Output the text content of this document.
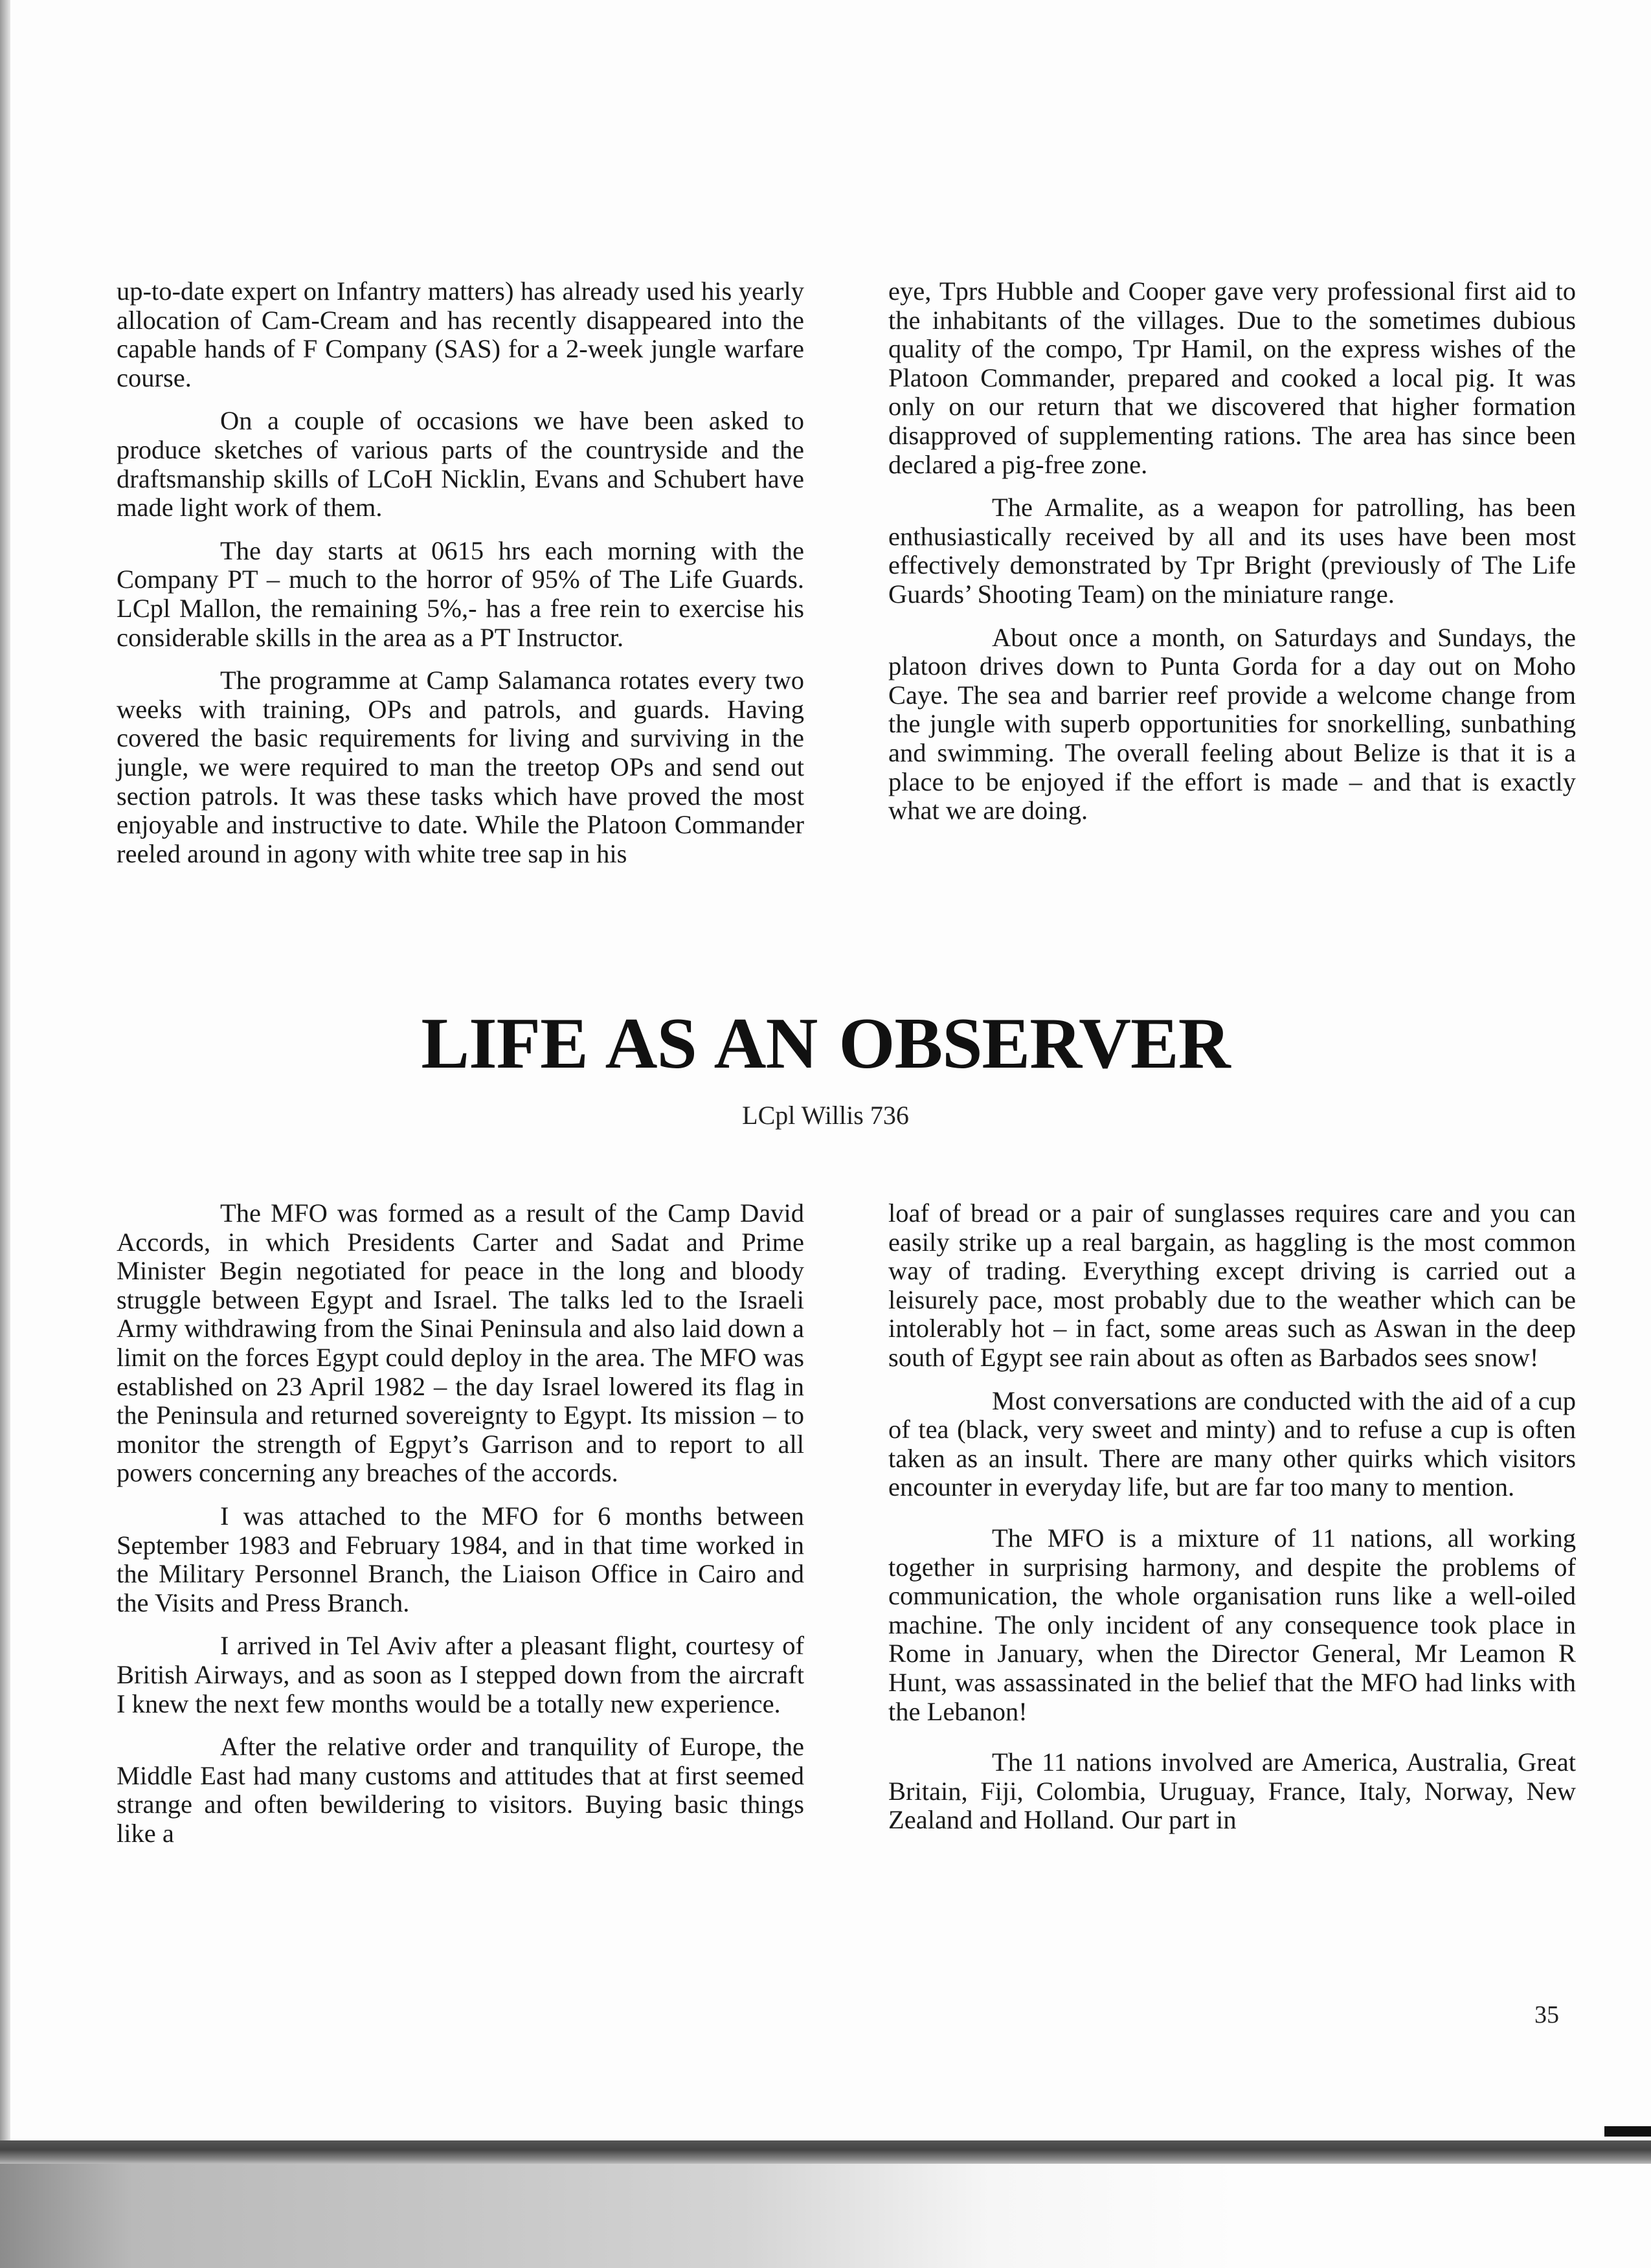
up-to-date expert on Infantry matters) has already used his yearly allocation of Cam-Cream and has recently disappeared into the capable hands of F Company (SAS) for a 2-week jungle warfare course.

On a couple of occasions we have been asked to produce sketches of various parts of the countryside and the draftsmanship skills of LCoH Nicklin, Evans and Schubert have made light work of them.

The day starts at 0615 hrs each morning with the Company PT – much to the horror of 95% of The Life Guards. LCpl Mallon, the remaining 5%,- has a free rein to exercise his considerable skills in the area as a PT Instructor.

The programme at Camp Salamanca rotates every two weeks with training, OPs and patrols, and guards. Having covered the basic requirements for living and surviving in the jungle, we were required to man the treetop OPs and send out section patrols. It was these tasks which have proved the most enjoyable and instructive to date. While the Platoon Commander reeled around in agony with white tree sap in his

eye, Tprs Hubble and Cooper gave very professional first aid to the inhabitants of the villages. Due to the sometimes dubious quality of the compo, Tpr Hamil, on the express wishes of the Platoon Commander, prepared and cooked a local pig. It was only on our return that we discovered that higher formation disapproved of supplementing rations. The area has since been declared a pig-free zone.

The Armalite, as a weapon for patrolling, has been enthusiastically received by all and its uses have been most effectively demonstrated by Tpr Bright (previously of The Life Guards’ Shooting Team) on the miniature range.

About once a month, on Saturdays and Sundays, the platoon drives down to Punta Gorda for a day out on Moho Caye. The sea and barrier reef provide a welcome change from the jungle with superb opportunities for snorkelling, sunbathing and swimming. The overall feeling about Belize is that it is a place to be enjoyed if the effort is made – and that is exactly what we are doing.

LIFE AS AN OBSERVER
LCpl Willis 736

The MFO was formed as a result of the Camp David Accords, in which Presidents Carter and Sadat and Prime Minister Begin negotiated for peace in the long and bloody struggle between Egypt and Israel. The talks led to the Israeli Army withdrawing from the Sinai Peninsula and also laid down a limit on the forces Egypt could deploy in the area. The MFO was established on 23 April 1982 – the day Israel lowered its flag in the Peninsula and returned sovereignty to Egypt. Its mission – to monitor the strength of Egpyt’s Garrison and to report to all powers concerning any breaches of the accords.

I was attached to the MFO for 6 months between September 1983 and February 1984, and in that time worked in the Military Personnel Branch, the Liaison Office in Cairo and the Visits and Press Branch.

I arrived in Tel Aviv after a pleasant flight, courtesy of British Airways, and as soon as I stepped down from the aircraft I knew the next few months would be a totally new experience.

After the relative order and tranquility of Europe, the Middle East had many customs and attitudes that at first seemed strange and often bewildering to visitors. Buying basic things like a

loaf of bread or a pair of sunglasses requires care and you can easily strike up a real bargain, as haggling is the most common way of trading. Everything except driving is carried out a leisurely pace, most probably due to the weather which can be intolerably hot – in fact, some areas such as Aswan in the deep south of Egypt see rain about as often as Barbados sees snow!

Most conversations are conducted with the aid of a cup of tea (black, very sweet and minty) and to refuse a cup is often taken as an insult. There are many other quirks which visitors encounter in everyday life, but are far too many to mention.

The MFO is a mixture of 11 nations, all working together in surprising harmony, and despite the problems of communication, the whole organisation runs like a well-oiled machine. The only incident of any consequence took place in Rome in January, when the Director General, Mr Leamon R Hunt, was assassinated in the belief that the MFO had links with the Lebanon!

The 11 nations involved are America, Australia, Great Britain, Fiji, Colombia, Uruguay, France, Italy, Norway, New Zealand and Holland. Our part in

35
